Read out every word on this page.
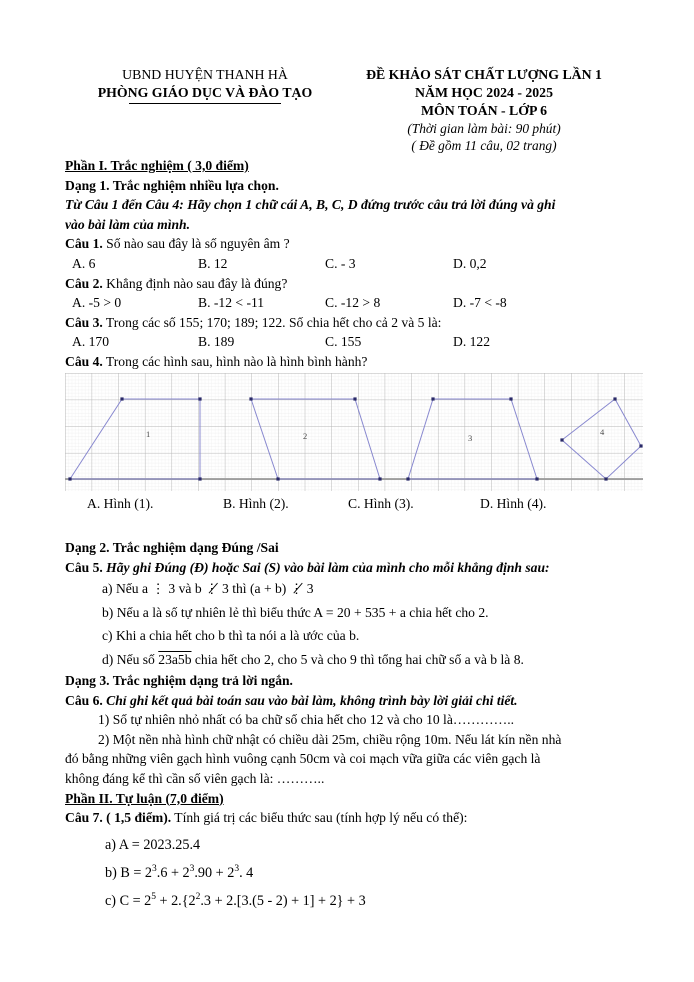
UBND HUYỆN THANH HÀ
PHÒNG GIÁO DỤC VÀ ĐÀO TẠO
ĐỀ KHẢO SÁT CHẤT LƯỢNG LẦN 1
NĂM HỌC 2024 - 2025
MÔN TOÁN - LỚP 6
(Thời gian làm bài: 90 phút)
( Đề gồm 11 câu, 02 trang)
Phần I. Trắc nghiệm ( 3,0 điểm)
Dạng 1. Trắc nghiệm nhiều lựa chọn.
Từ Câu 1 đến Câu 4: Hãy chọn 1 chữ cái A, B, C, D đứng trước câu trả lời đúng và ghi
vào bài làm của mình.
Câu 1. Số nào sau đây là số nguyên âm ?
A. 6	B. 12	C. - 3	D. 0,2
Câu 2. Khẳng định nào sau đây là đúng?
A. -5 > 0	B. -12 < -11	C. -12 > 8	D. -7 < -8
Câu 3. Trong các số 155; 170; 189; 122. Số chia hết cho cả 2 và 5 là:
A. 170	B. 189	C. 155	D. 122
Câu 4. Trong các hình sau, hình nào là hình bình hành?
1	2	3
4
A. Hình (1).	B. Hình (2).	C. Hình (3).	D. Hình (4).
Dạng 2. Trắc nghiệm dạng Đúng /Sai
Câu 5. Hãy ghi Đúng (Đ) hoặc Sai (S) vào bài làm của mình cho mỗi khẳng định sau:
a) Nếu a ⋮ 3 và b ⋮̸ 3 thì (a + b) ⋮̸ 3
b) Nếu a là số tự nhiên lẻ thì biểu thức A = 20 + 535 + a chia hết cho 2.
c) Khi a chia hết cho b thì ta nói a là ước của b.
d) Nếu số 23a5b chia hết cho 2, cho 5 và cho 9 thì tổng hai chữ số a và b là 8.
Dạng 3. Trắc nghiệm dạng trả lời ngắn.
Câu 6. Chỉ ghi kết quả bài toán sau vào bài làm, không trình bày lời giải chi tiết.
1) Số tự nhiên nhỏ nhất có ba chữ số chia hết cho 12 và cho 10 là…………..
2) Một nền nhà hình chữ nhật có chiều dài 25m, chiều rộng 10m. Nếu lát kín nền nhà
đó bằng những viên gạch hình vuông cạnh 50cm và coi mạch vữa giữa các viên gạch là
không đáng kể thì cần số viên gạch là: ………..
Phần II. Tự luận (7,0 điểm)
Câu 7. ( 1,5 điểm). Tính giá trị các biểu thức sau (tính hợp lý nếu có thể):
a) A = 2023.25.4
b) B = 2 3 .6 + 2 3 .90 + 2 3 . 4
c) C = 2 5 + 2.{2 2 .3 + 2.[3.(5 - 2) + 1] + 2} + 3
